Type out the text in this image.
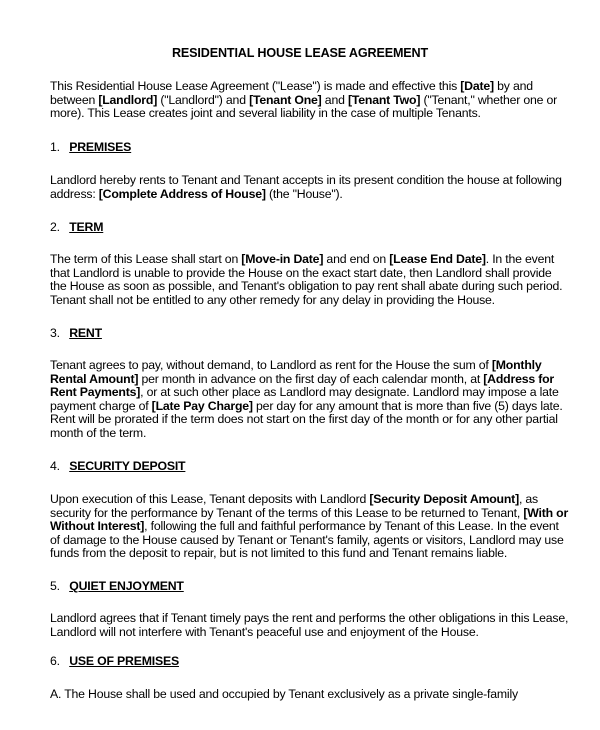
RESIDENTIAL HOUSE LEASE AGREEMENT
This Residential House Lease Agreement ("Lease") is made and effective this [Date] by and
between [Landlord] ("Landlord") and [Tenant One] and [Tenant Two] ("Tenant," whether one or
more). This Lease creates joint and several liability in the case of multiple Tenants.
1. PREMISES
Landlord hereby rents to Tenant and Tenant accepts in its present condition the house at following
address: [Complete Address of House] (the "House").
2. TERM
The term of this Lease shall start on [Move-in Date] and end on [Lease End Date]. In the event
that Landlord is unable to provide the House on the exact start date, then Landlord shall provide
the House as soon as possible, and Tenant's obligation to pay rent shall abate during such period.
Tenant shall not be entitled to any other remedy for any delay in providing the House.
3. RENT
Tenant agrees to pay, without demand, to Landlord as rent for the House the sum of [Monthly
Rental Amount] per month in advance on the first day of each calendar month, at [Address for
Rent Payments], or at such other place as Landlord may designate. Landlord may impose a late
payment charge of [Late Pay Charge] per day for any amount that is more than five (5) days late.
Rent will be prorated if the term does not start on the first day of the month or for any other partial
month of the term.
4. SECURITY DEPOSIT
Upon execution of this Lease, Tenant deposits with Landlord [Security Deposit Amount], as
security for the performance by Tenant of the terms of this Lease to be returned to Tenant, [With or
Without Interest], following the full and faithful performance by Tenant of this Lease. In the event
of damage to the House caused by Tenant or Tenant's family, agents or visitors, Landlord may use
funds from the deposit to repair, but is not limited to this fund and Tenant remains liable.
5. QUIET ENJOYMENT
Landlord agrees that if Tenant timely pays the rent and performs the other obligations in this Lease,
Landlord will not interfere with Tenant's peaceful use and enjoyment of the House.
6. USE OF PREMISES
A. The House shall be used and occupied by Tenant exclusively as a private single-family
